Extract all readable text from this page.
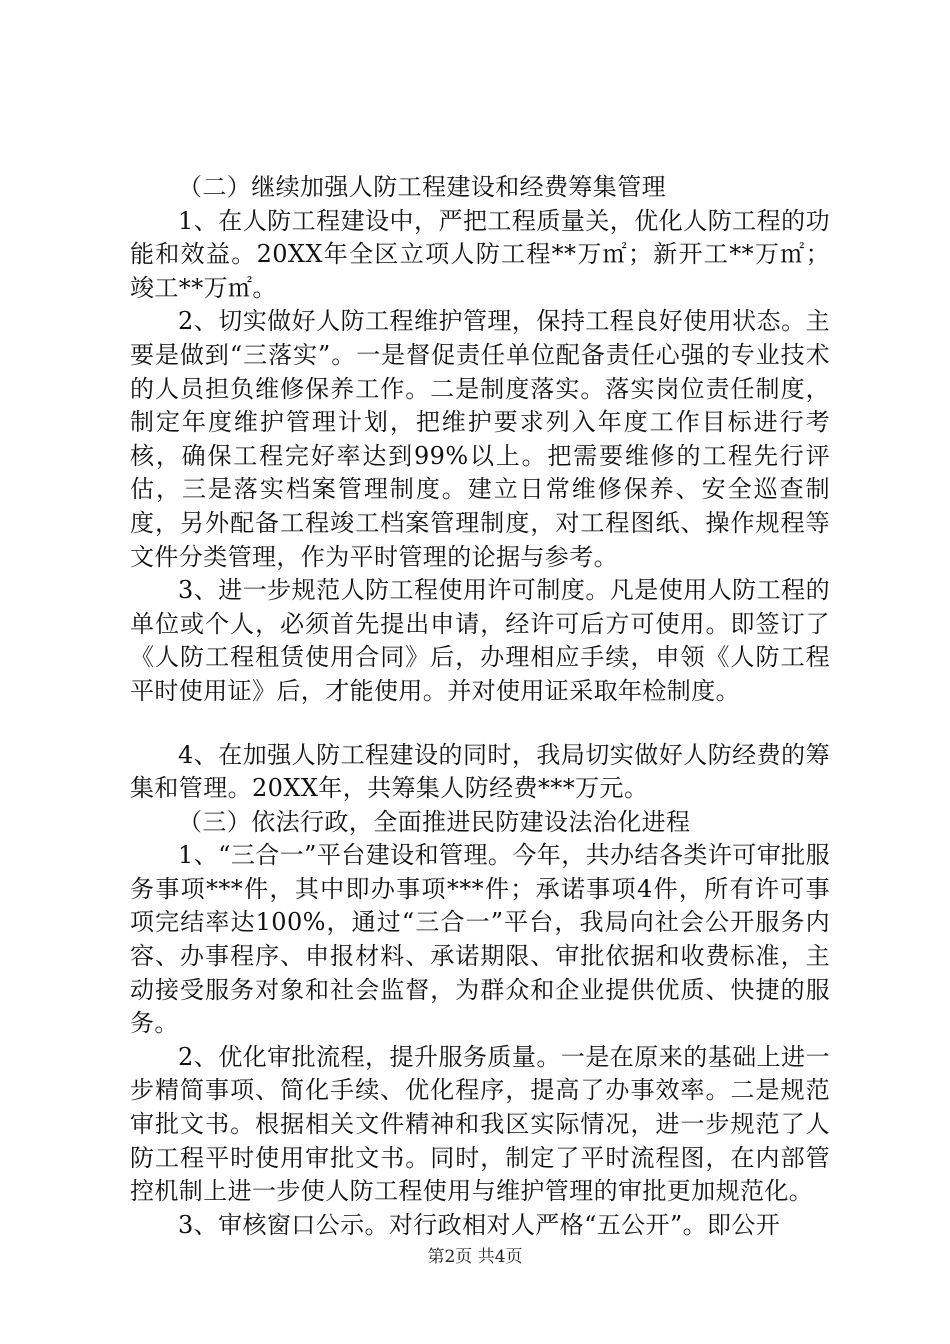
（二）继续加强人防工程建设和经费筹集管理

1、在人防工程建设中，严把工程质量关，优化人防工程的功能和效益。20XX年全区立项人防工程**万㎡；新开工**万㎡；竣工**万㎡。

2、切实做好人防工程维护管理，保持工程良好使用状态。主要是做到“三落实”。一是督促责任单位配备责任心强的专业技术的人员担负维修保养工作。二是制度落实。落实岗位责任制度，制定年度维护管理计划，把维护要求列入年度工作目标进行考核，确保工程完好率达到99%以上。把需要维修的工程先行评估，三是落实档案管理制度。建立日常维修保养、安全巡查制度，另外配备工程竣工档案管理制度，对工程图纸、操作规程等文件分类管理，作为平时管理的论据与参考。

3、进一步规范人防工程使用许可制度。凡是使用人防工程的单位或个人，必须首先提出申请，经许可后方可使用。即签订了《人防工程租赁使用合同》后，办理相应手续，申领《人防工程平时使用证》后，才能使用。并对使用证采取年检制度。

4、在加强人防工程建设的同时，我局切实做好人防经费的筹集和管理。20XX年，共筹集人防经费***万元。

（三）依法行政，全面推进民防建设法治化进程

1、“三合一”平台建设和管理。今年，共办结各类许可审批服务事项***件，其中即办事项***件；承诺事项4件，所有许可事项完结率达100%，通过“三合一”平台，我局向社会公开服务内容、办事程序、申报材料、承诺期限、审批依据和收费标准，主动接受服务对象和社会监督，为群众和企业提供优质、快捷的服务。

2、优化审批流程，提升服务质量。一是在原来的基础上进一步精简事项、简化手续、优化程序，提高了办事效率。二是规范审批文书。根据相关文件精神和我区实际情况，进一步规范了人防工程平时使用审批文书。同时，制定了平时流程图，在内部管控机制上进一步使人防工程使用与维护管理的审批更加规范化。

3、审核窗口公示。对行政相对人严格“五公开”。即公开

第2页 共4页
